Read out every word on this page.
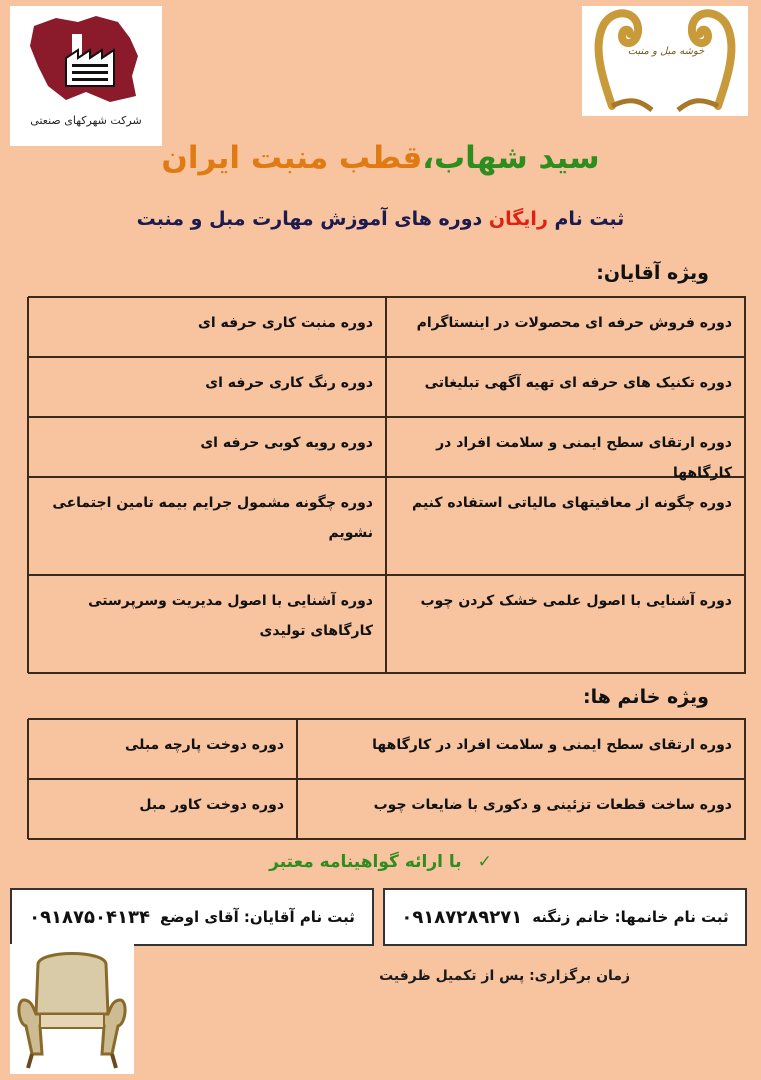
شرکت شهرکهای صنعتی
خوشه مبل و منبت
سید شهاب،قطب منبت ایران
ثبت نام رایگان دوره های آموزش مهارت مبل و منبت
ویژه آقایان:
دوره فروش حرفه ای محصولات در اینستاگرام
دوره منبت کاری حرفه ای
دوره تکنیک های حرفه ای تهیه آگهی تبلیغاتی
دوره رنگ کاری حرفه ای
دوره ارتقای سطح ایمنی و سلامت افراد در کارگاهها
دوره رویه کوبی حرفه ای
دوره چگونه از معافیتهای مالیاتی استفاده کنیم
دوره چگونه مشمول جرایم بیمه تامین اجتماعی نشویم
دوره آشنایی با اصول علمی خشک کردن چوب
دوره آشنایی با اصول مدیریت وسرپرستی کارگاهای تولیدی
ویژه خانم ها:
دوره ارتقای سطح ایمنی و سلامت افراد در کارگاهها
دوره دوخت پارچه مبلی
دوره ساخت قطعات تزئینی و دکوری با ضایعات چوب
دوره دوخت کاور مبل
✓ با ارائه گواهینامه معتبر
ثبت نام خانمها: خانم زنگنه
۰۹۱۸۷۲۸۹۲۷۱
ثبت نام آقایان: آقای اوضع
۰۹۱۸۷۵۰۴۱۳۴
زمان برگزاری: پس از تکمیل ظرفیت
